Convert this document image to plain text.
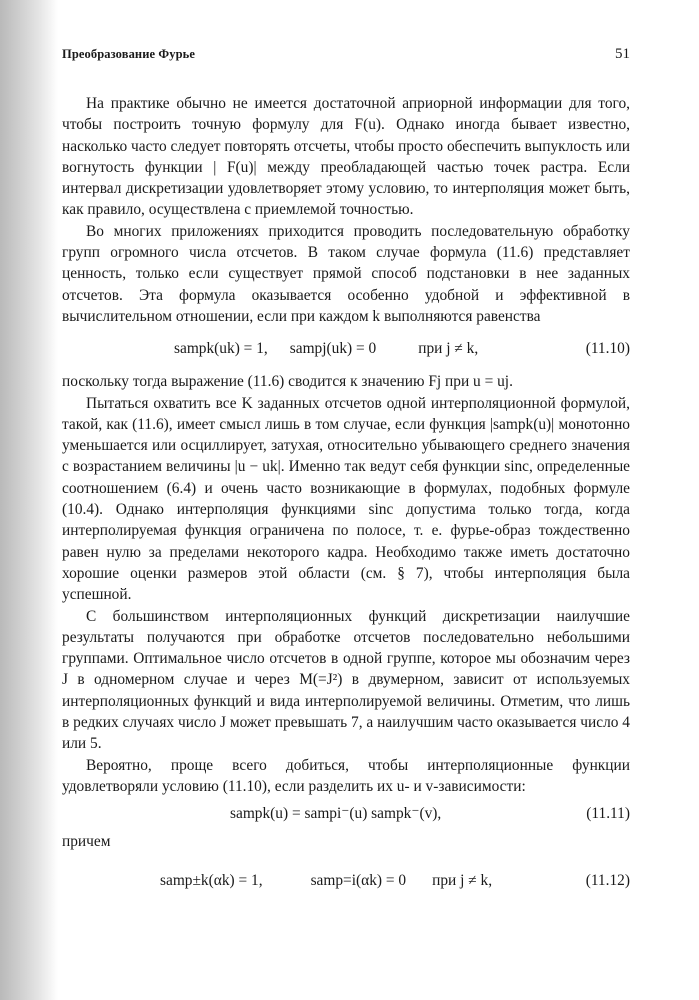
Преобразование Фурье	51

На практике обычно не имеется достаточной априорной информации для того, чтобы построить точную формулу для F(u). Однако иногда бывает известно, насколько часто следует повторять отсчеты, чтобы просто обеспечить выпуклость или вогнутость функции | F(u)| между преобладающей частью точек растра. Если интервал дискретизации удовлетворяет этому условию, то интерполяция может быть, как правило, осуществлена с приемлемой точностью.

Во многих приложениях приходится проводить последовательную обработку групп огромного числа отсчетов. В таком случае формула (11.6) представляет ценность, только если существует прямой способ подстановки в нее заданных отсчетов. Эта формула оказывается особенно удобной и эффективной в вычислительном отношении, если при каждом k выполняются равенства

sampk(uk) = 1, sampj(uk) = 0	при j ≠ k,	(11.10)

поскольку тогда выражение (11.6) сводится к значению Fj при u = uj.

Пытаться охватить все K заданных отсчетов одной интерполяционной формулой, такой, как (11.6), имеет смысл лишь в том случае, если функция |sampk(u)| монотонно уменьшается или осциллирует, затухая, относительно убывающего среднего значения с возрастанием величины |u − uk|. Именно так ведут себя функции sinc, определенные соотношением (6.4) и очень часто возникающие в формулах, подобных формуле (10.4). Однако интерполяция функциями sinc допустима только тогда, когда интерполируемая функция ограничена по полосе, т. е. фурье-образ тождественно равен нулю за пределами некоторого кадра. Необходимо также иметь достаточно хорошие оценки размеров этой области (см. § 7), чтобы интерполяция была успешной.

С большинством интерполяционных функций дискретизации наилучшие результаты получаются при обработке отсчетов последовательно небольшими группами. Оптимальное число отсчетов в одной группе, которое мы обозначим через J в одномерном случае и через M(=J²) в двумерном, зависит от используемых интерполяционных функций и вида интерполируемой величины. Отметим, что лишь в редких случаях число J может превышать 7, а наилучшим часто оказывается число 4 или 5.

Вероятно, проще всего добиться, чтобы интерполяционные функции удовлетворяли условию (11.10), если разделить их u- и v-зависимости:

sampk(u) = sampi⁻(u) sampk⁻(v),	(11.11)

причем

samp±k(αk) = 1,	samp=i(αk) = 0 при j ≠ k,	(11.12)
